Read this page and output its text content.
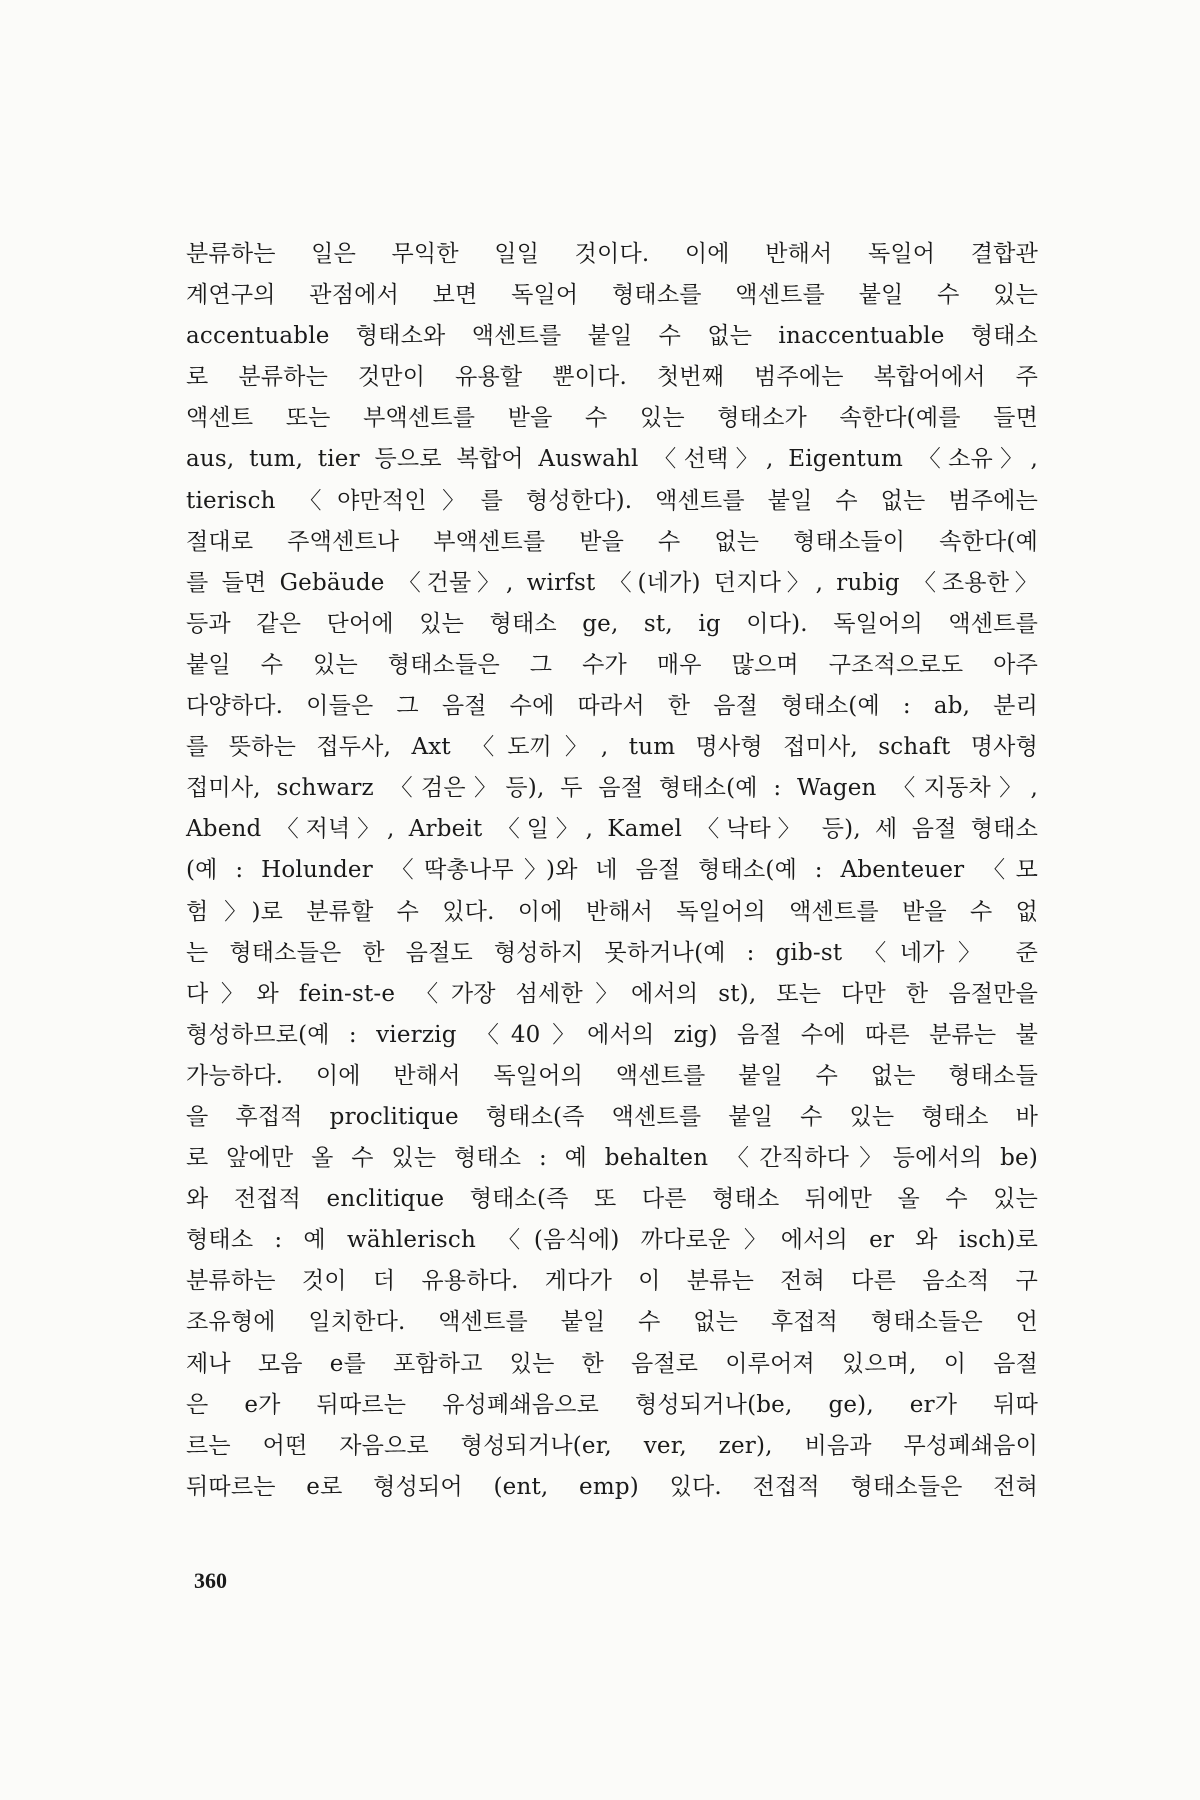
분류하는 일은 무익한 일일 것이다. 이에 반해서 독일어 결합관
계연구의 관점에서 보면 독일어 형태소를 액센트를 붙일 수 있는
accentuable 형태소와 액센트를 붙일 수 없는 inaccentuable 형태소
로 분류하는 것만이 유용할 뿐이다. 첫번째 범주에는 복합어에서 주
액센트 또는 부액센트를 받을 수 있는 형태소가 속한다(예를 들면
aus, tum, tier 등으로 복합어 Auswahl 〈선택〉, Eigentum 〈소유〉,
tierisch 〈야만적인〉를 형성한다). 액센트를 붙일 수 없는 범주에는
절대로 주액센트나 부액센트를 받을 수 없는 형태소들이 속한다(예
를 들면 Gebäude 〈건물〉, wirfst 〈(네가) 던지다〉, rubig 〈조용한〉
등과 같은 단어에 있는 형태소 ge, st, ig 이다). 독일어의 액센트를
붙일 수 있는 형태소들은 그 수가 매우 많으며 구조적으로도 아주
다양하다. 이들은 그 음절 수에 따라서 한 음절 형태소(예 : ab, 분리
를 뜻하는 접두사, Axt 〈도끼〉, tum 명사형 접미사, schaft 명사형
접미사, schwarz 〈검은〉등), 두 음절 형태소(예 : Wagen 〈지동차〉,
Abend 〈저녁〉, Arbeit 〈일〉, Kamel 〈낙타〉 등), 세 음절 형태소
(예 : Holunder 〈딱총나무〉)와 네 음절 형태소(예 : Abenteuer 〈모
험〉)로 분류할 수 있다. 이에 반해서 독일어의 액센트를 받을 수 없
는 형태소들은 한 음절도 형성하지 못하거나(예 : gib-st 〈네가〉 준
다〉와 fein-st-e 〈가장 섬세한〉에서의 st), 또는 다만 한 음절만을
형성하므로(예 : vierzig 〈40〉에서의 zig) 음절 수에 따른 분류는 불
가능하다. 이에 반해서 독일어의 액센트를 붙일 수 없는 형태소들
을 후접적 proclitique 형태소(즉 액센트를 붙일 수 있는 형태소 바
로 앞에만 올 수 있는 형태소 : 예 behalten 〈간직하다〉등에서의 be)
와 전접적 enclitique 형태소(즉 또 다른 형태소 뒤에만 올 수 있는
형태소 : 예 wählerisch 〈(음식에) 까다로운〉에서의 er 와 isch)로
분류하는 것이 더 유용하다. 게다가 이 분류는 전혀 다른 음소적 구
조유형에 일치한다. 액센트를 붙일 수 없는 후접적 형태소들은 언
제나 모음 e를 포함하고 있는 한 음절로 이루어져 있으며, 이 음절
은 e가 뒤따르는 유성폐쇄음으로 형성되거나(be, ge), er가 뒤따
르는 어떤 자음으로 형성되거나(er, ver, zer), 비음과 무성폐쇄음이
뒤따르는 e로 형성되어 (ent, emp) 있다. 전접적 형태소들은 전혀
360
